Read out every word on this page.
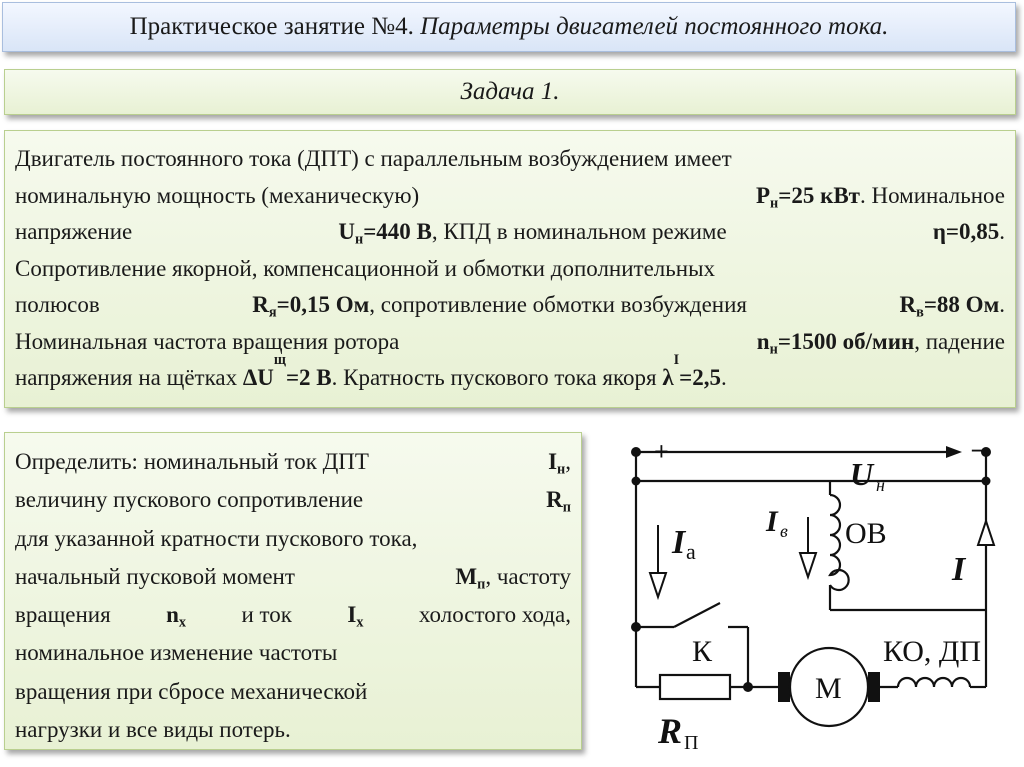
Практическое занятие №4.
Параметры двигателей постоянного тока.
Задача 1.
Двигатель постоянного тока (ДПТ) с параллельным возбуждением имеет
номинальную мощность (механическую)	$P_н=25$ кВт. Номинальное
напряжение	$U_н=440$ В, КПД в номинальном режиме	η=0,85.
Сопротивление якорной, компенсационной и обмотки дополнительных
полюсов	$R_я=0,15$ Ом, сопротивление обмотки возбуждения	$R_в=88$ Ом.
Номинальная частота вращения ротора	$n_н=1500$ об/мин, падение
напряжения на щётках
ΔU
щ
=2 В . Кратность пускового тока якоря
λ
I
=2,5 .
Определить: номинальный ток ДПТ	$I_н$,
величину пускового сопротивление	$R_п$
для указанной кратности пускового тока,
начальный пусковой момент	$M_п$, частоту
вращения $n_x$ и ток $I_x$ холостого хода,
номинальное изменение частоты
вращения при сбросе механической
нагрузки и все виды потерь.
+	–
U н
I в ОВ
I а	I
К	КО, ДП
М
R П
